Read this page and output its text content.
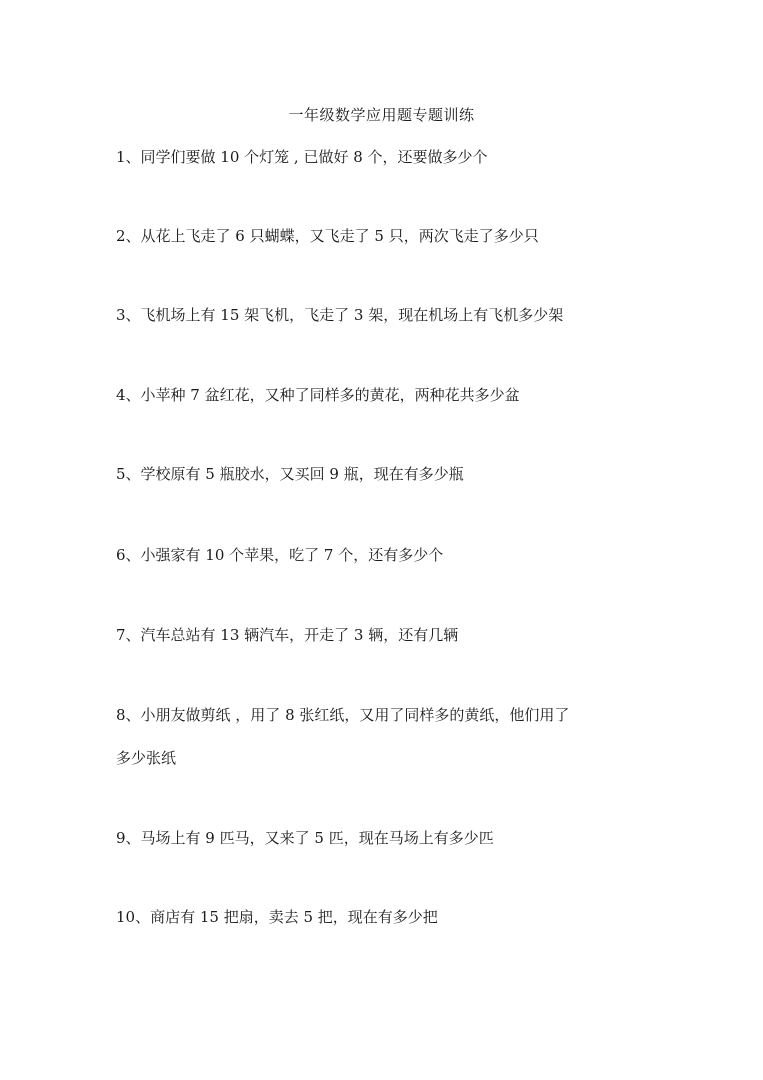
一年级数学应用题专题训练
1、同学们要做 10 个灯笼 , 已做好 8 个，还要做多少个
2、从花上飞走了 6 只蝴蝶，又飞走了 5 只，两次飞走了多少只
3、飞机场上有 15 架飞机，飞走了 3 架，现在机场上有飞机多少架
4、小苹种 7 盆红花，又种了同样多的黄花，两种花共多少盆
5、学校原有 5 瓶胶水，又买回 9 瓶，现在有多少瓶
6、小强家有 10 个苹果，吃了 7 个，还有多少个
7、汽车总站有 13 辆汽车，开走了 3 辆，还有几辆
8、小朋友做剪纸 ，用了 8 张红纸，又用了同样多的黄纸，他们用了
多少张纸
9、马场上有 9 匹马，又来了 5 匹，现在马场上有多少匹
10、商店有 15 把扇，卖去 5 把，现在有多少把
